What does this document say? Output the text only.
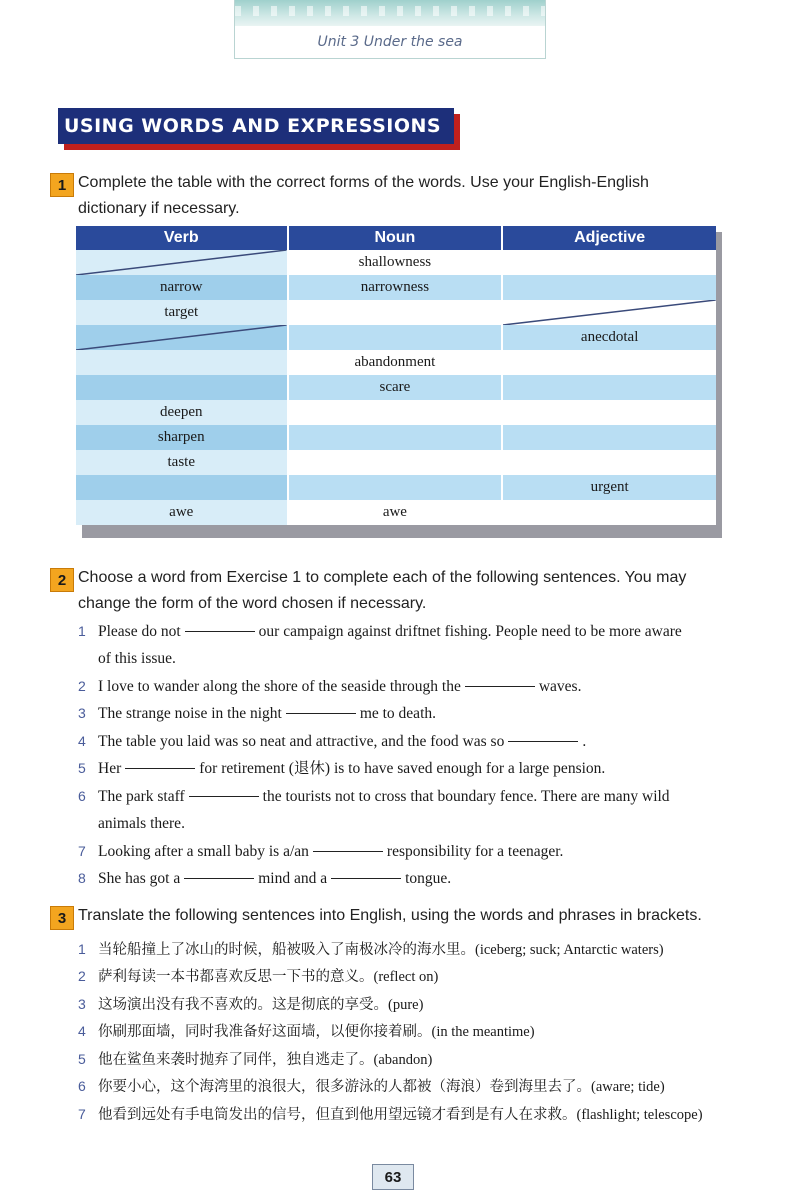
Unit 3 Under the sea
USING WORDS AND EXPRESSIONS
1 Complete the table with the correct forms of the words. Use your English-English
dictionary if necessary.
Verb	Noun	Adjective

	shallowness	
narrow	narrowness	
target		

		anecdotal
	abandonment	
	scare	
deepen		
sharpen		
taste		
		urgent
awe	awe	
2 Choose a word from Exercise 1 to complete each of the following sentences. You may
change the form of the word chosen if necessary.
1 Please do not	our campaign against driftnet fishing. People need to be more aware
of this issue.
2 I love to wander along the shore of the seaside through the	waves.
3 The strange noise in the night	me to death.
4 The table you laid was so neat and attractive, and the food was so	.
5 Her	for retirement (退休) is to have saved enough for a large pension.
6 The park staff	the tourists not to cross that boundary fence. There are many wild
animals there.
7 Looking after a small baby is a/an	responsibility for a teenager.
8 She has got a	mind and a	tongue.
3 Translate the following sentences into English, using the words and phrases in brackets.
1 当轮船撞上了冰山的时候，船被吸入了南极冰冷的海水里。(iceberg; suck; Antarctic waters)
2 萨利每读一本书都喜欢反思一下书的意义。(reflect on)
3 这场演出没有我不喜欢的。这是彻底的享受。(pure)
4 你刷那面墙，同时我准备好这面墙，以便你接着刷。(in the meantime)
5 他在鲨鱼来袭时抛弃了同伴，独自逃走了。(abandon)
6 你要小心，这个海湾里的浪很大，很多游泳的人都被（海浪）卷到海里去了。(aware; tide)
7 他看到远处有手电筒发出的信号，但直到他用望远镜才看到是有人在求救。(flashlight; telescope)
63
